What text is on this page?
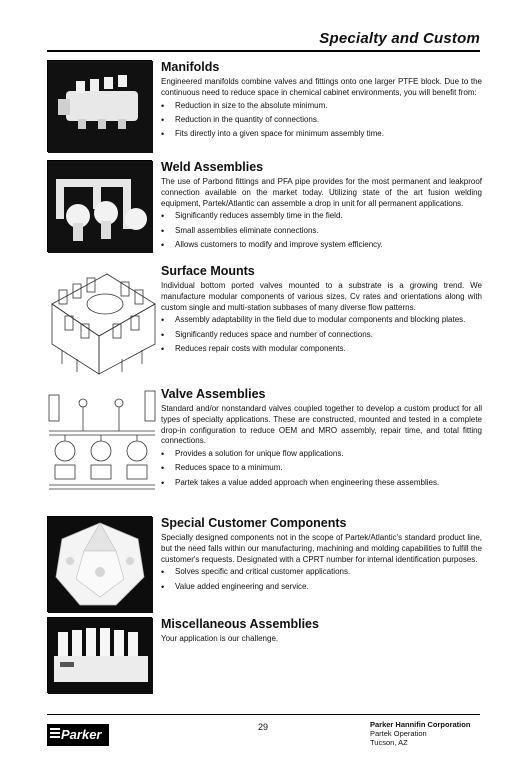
Specialty and Custom
Manifolds

Engineered manifolds combine valves and fittings onto one larger PTFE block. Due to the continuous need to reduce space in chemical cabinet environments, you will benefit from:

• Reduction in size to the absolute minimum.
• Reduction in the quantity of connections.
• Fits directly into a given space for minimum assembly time.
Weld Assemblies

The use of Parbond fittings and PFA pipe provides for the most permanent and leakproof connection available on the market today. Utilizing state of the art fusion welding equipment, Partek/Atlantic can assemble a drop in unit for all permanent applications.

• Significantly reduces assembly time in the field.
• Small assemblies eliminate connections.
• Allows customers to modify and improve system efficiency.
Surface Mounts

Individual bottom ported valves mounted to a substrate is a growing trend. We manufacture modular components of various sizes, Cv rates and orientations along with custom single and multi-station subbases of many diverse flow patterns.

• Assembly adaptability in the field due to modular components and blocking plates.
• Significantly reduces space and number of connections.
• Reduces repair costs with modular components.
Valve Assemblies

Standard and/or nonstandard valves coupled together to develop a custom product for all types of specialty applications. These are constructed, mounted and tested in a complete drop-in configuration to reduce OEM and MRO assembly, repair time, and total fitting connections.

• Provides a solution for unique flow applications.
• Reduces space to a minimum.
• Partek takes a value added approach when engineering these assemblies.
Special Customer Components

Specially designed components not in the scope of Partek/Atlantic's standard product line, but the need falls within our manufacturing, machining and molding capabilities to fulfill the customer's requests. Designated with a CPRT number for internal identification purposes.

• Solves specific and critical customer applications.
• Value added engineering and service.
Miscellaneous Assemblies

Your application is our challenge.

Parker	29	Parker Hannifin Corporation
Partek Operation
Tucson, AZ
